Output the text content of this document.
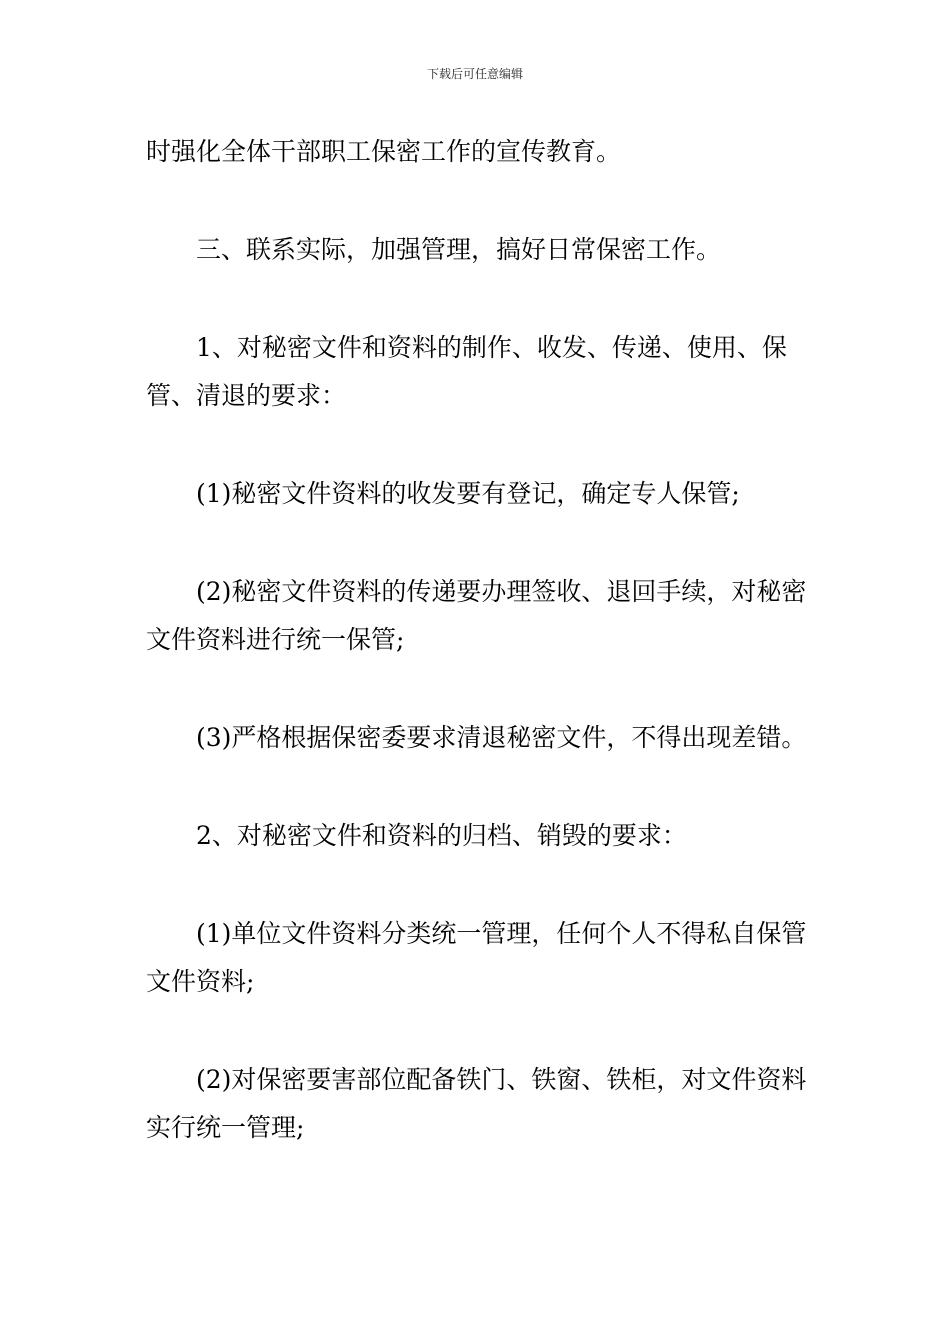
下载后可任意编辑

时强化全体干部职工保密工作的宣传教育。

三、联系实际，加强管理，搞好日常保密工作。

1、对秘密文件和资料的制作、收发、传递、使用、保管、清退的要求：

(1)秘密文件资料的收发要有登记，确定专人保管;

(2)秘密文件资料的传递要办理签收、退回手续，对秘密文件资料进行统一保管;

(3)严格根据保密委要求清退秘密文件，不得出现差错。

2、对秘密文件和资料的归档、销毁的要求：

(1)单位文件资料分类统一管理，任何个人不得私自保管文件资料;

(2)对保密要害部位配备铁门、铁窗、铁柜，对文件资料实行统一管理;
